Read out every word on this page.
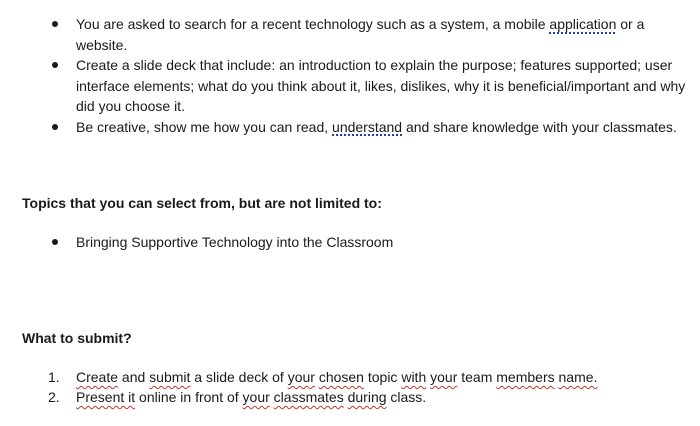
You are asked to search for a recent technology such as a system, a mobile application or a website.
Create a slide deck that include: an introduction to explain the purpose; features supported; user interface elements; what do you think about it, likes, dislikes, why it is beneficial/important and why did you choose it.
Be creative, show me how you can read, understand and share knowledge with your classmates.
Topics that you can select from, but are not limited to:
Bringing Supportive Technology into the Classroom
What to submit?
1. Create and submit a slide deck of your chosen topic with your team members name.
2. Present it online in front of your classmates during class.
